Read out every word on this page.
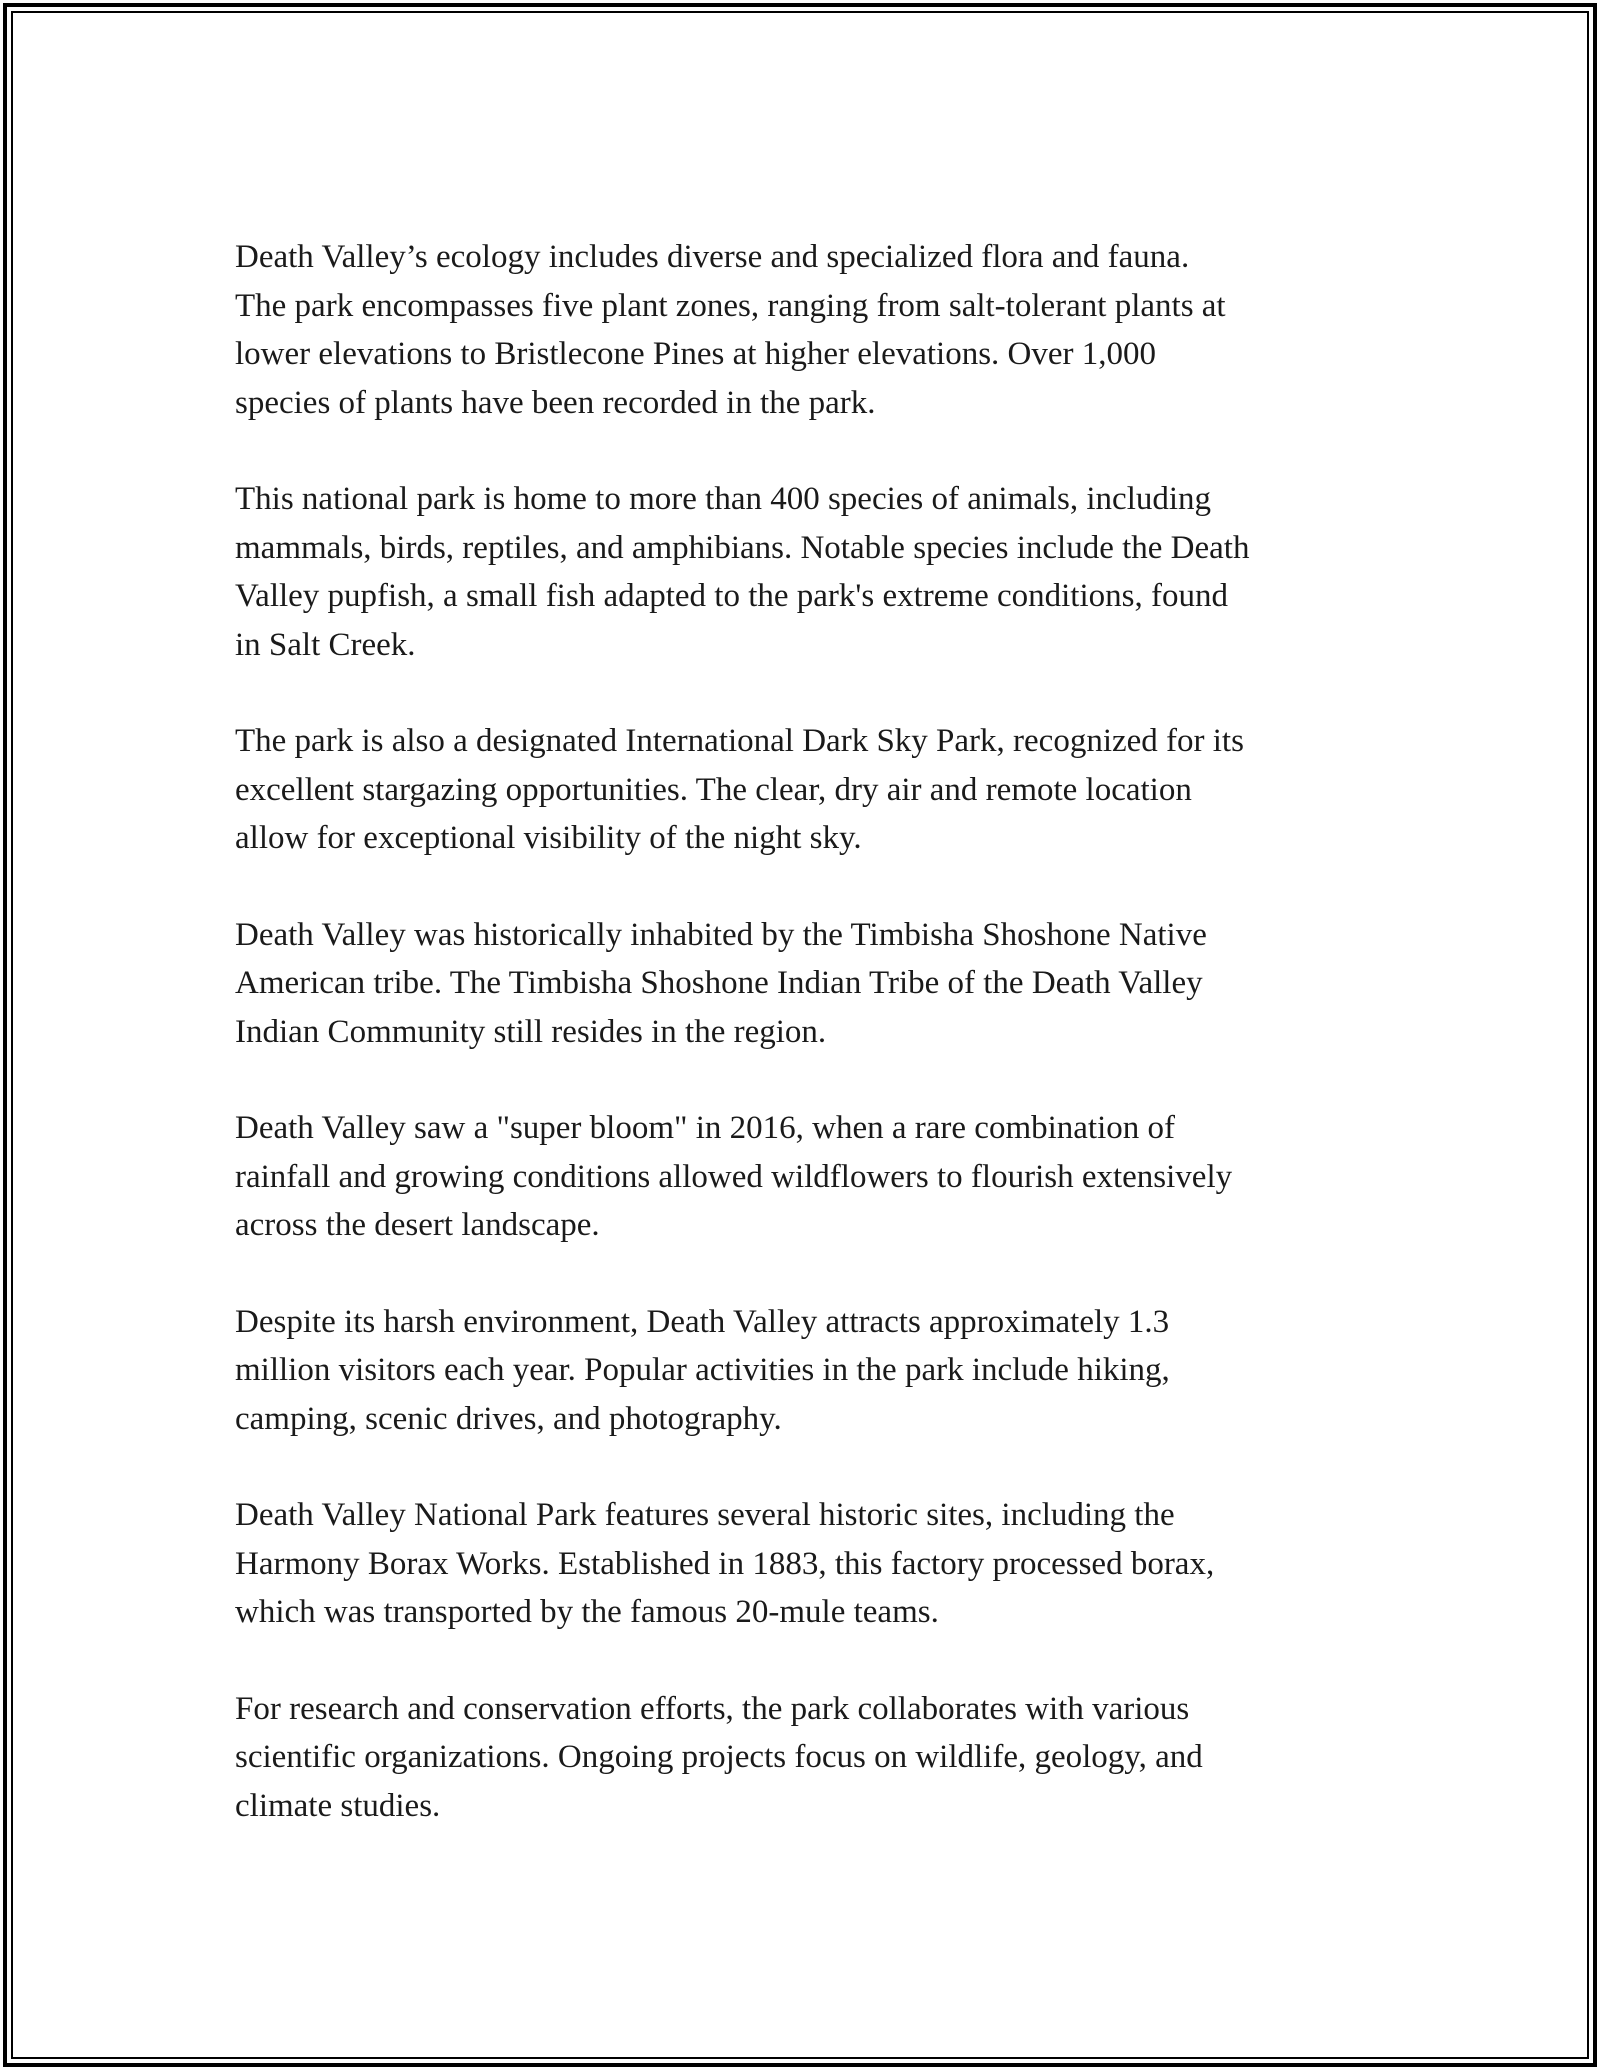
Death Valley’s ecology includes diverse and specialized flora and fauna.
The park encompasses five plant zones, ranging from salt-tolerant plants at
lower elevations to Bristlecone Pines at higher elevations. Over 1,000
species of plants have been recorded in the park.

This national park is home to more than 400 species of animals, including
mammals, birds, reptiles, and amphibians. Notable species include the Death
Valley pupfish, a small fish adapted to the park's extreme conditions, found
in Salt Creek.

The park is also a designated International Dark Sky Park, recognized for its
excellent stargazing opportunities. The clear, dry air and remote location
allow for exceptional visibility of the night sky.

Death Valley was historically inhabited by the Timbisha Shoshone Native
American tribe. The Timbisha Shoshone Indian Tribe of the Death Valley
Indian Community still resides in the region.

Death Valley saw a "super bloom" in 2016, when a rare combination of
rainfall and growing conditions allowed wildflowers to flourish extensively
across the desert landscape.

Despite its harsh environment, Death Valley attracts approximately 1.3
million visitors each year. Popular activities in the park include hiking,
camping, scenic drives, and photography.

Death Valley National Park features several historic sites, including the
Harmony Borax Works. Established in 1883, this factory processed borax,
which was transported by the famous 20-mule teams.

For research and conservation efforts, the park collaborates with various
scientific organizations. Ongoing projects focus on wildlife, geology, and
climate studies.
